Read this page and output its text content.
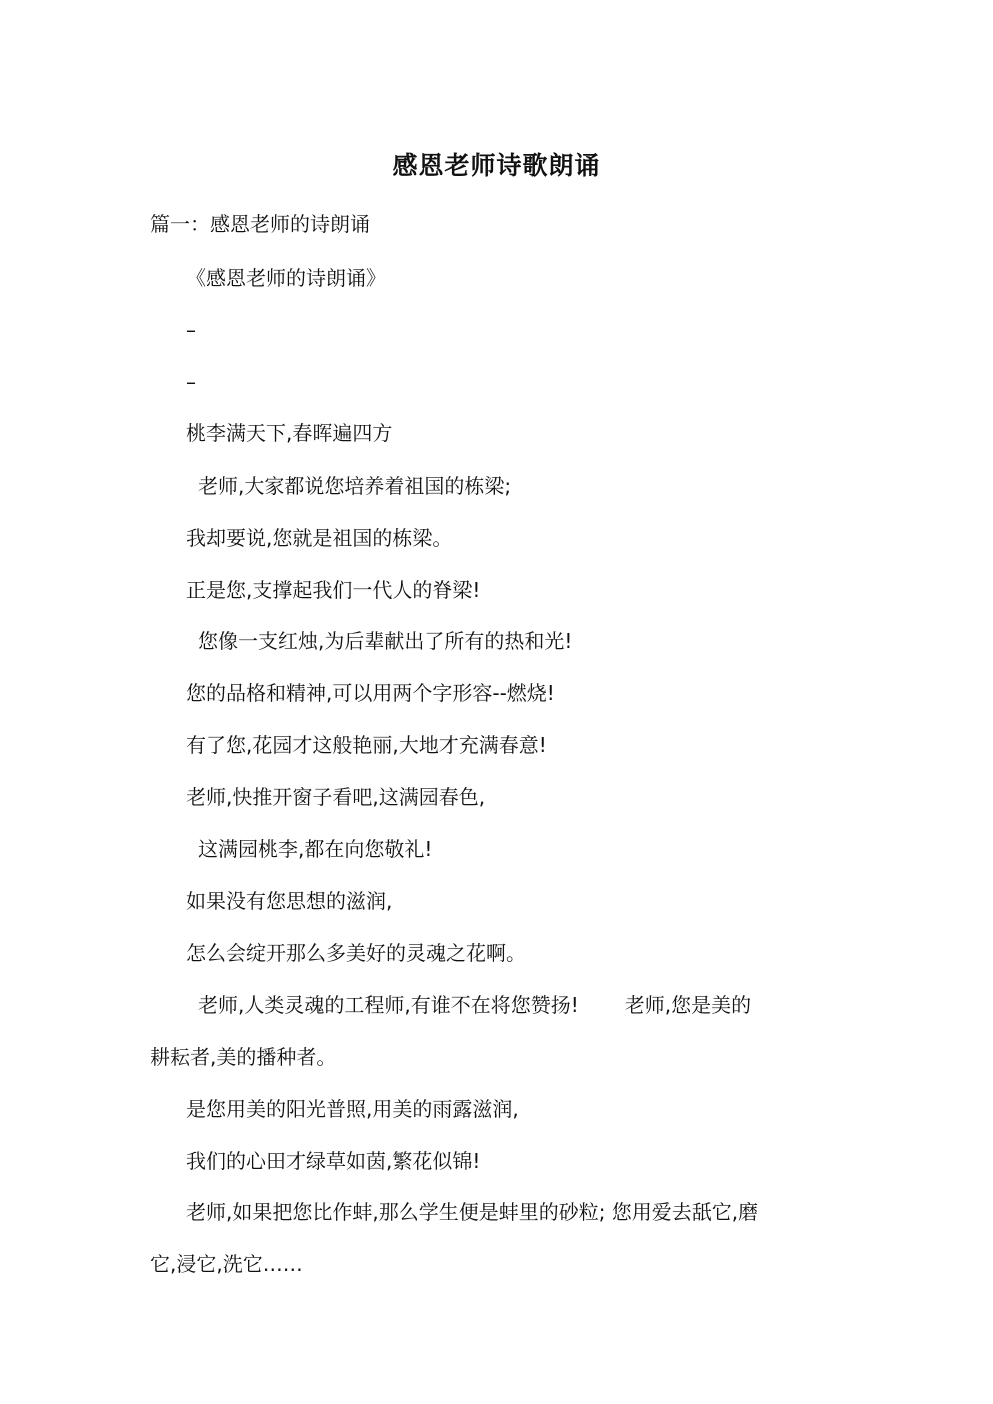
感恩老师诗歌朗诵
篇一：感恩老师的诗朗诵
《感恩老师的诗朗诵》
–
–
桃李满天下,春晖遍四方
老师,大家都说您培养着祖国的栋梁;
我却要说,您就是祖国的栋梁。
正是您,支撑起我们一代人的脊梁!
您像一支红烛,为后辈献出了所有的热和光!
您的品格和精神,可以用两个字形容--燃烧!
有了您,花园才这般艳丽,大地才充满春意!
老师,快推开窗子看吧,这满园春色,
这满园桃李,都在向您敬礼!
如果没有您思想的滋润,
怎么会绽开那么多美好的灵魂之花啊。
老师,人类灵魂的工程师,有谁不在将您赞扬! 老师,您是美的
耕耘者,美的播种者。
是您用美的阳光普照,用美的雨露滋润,
我们的心田才绿草如茵,繁花似锦!
老师,如果把您比作蚌,那么学生便是蚌里的砂粒; 您用爱去舐它,磨
它,浸它,洗它……
